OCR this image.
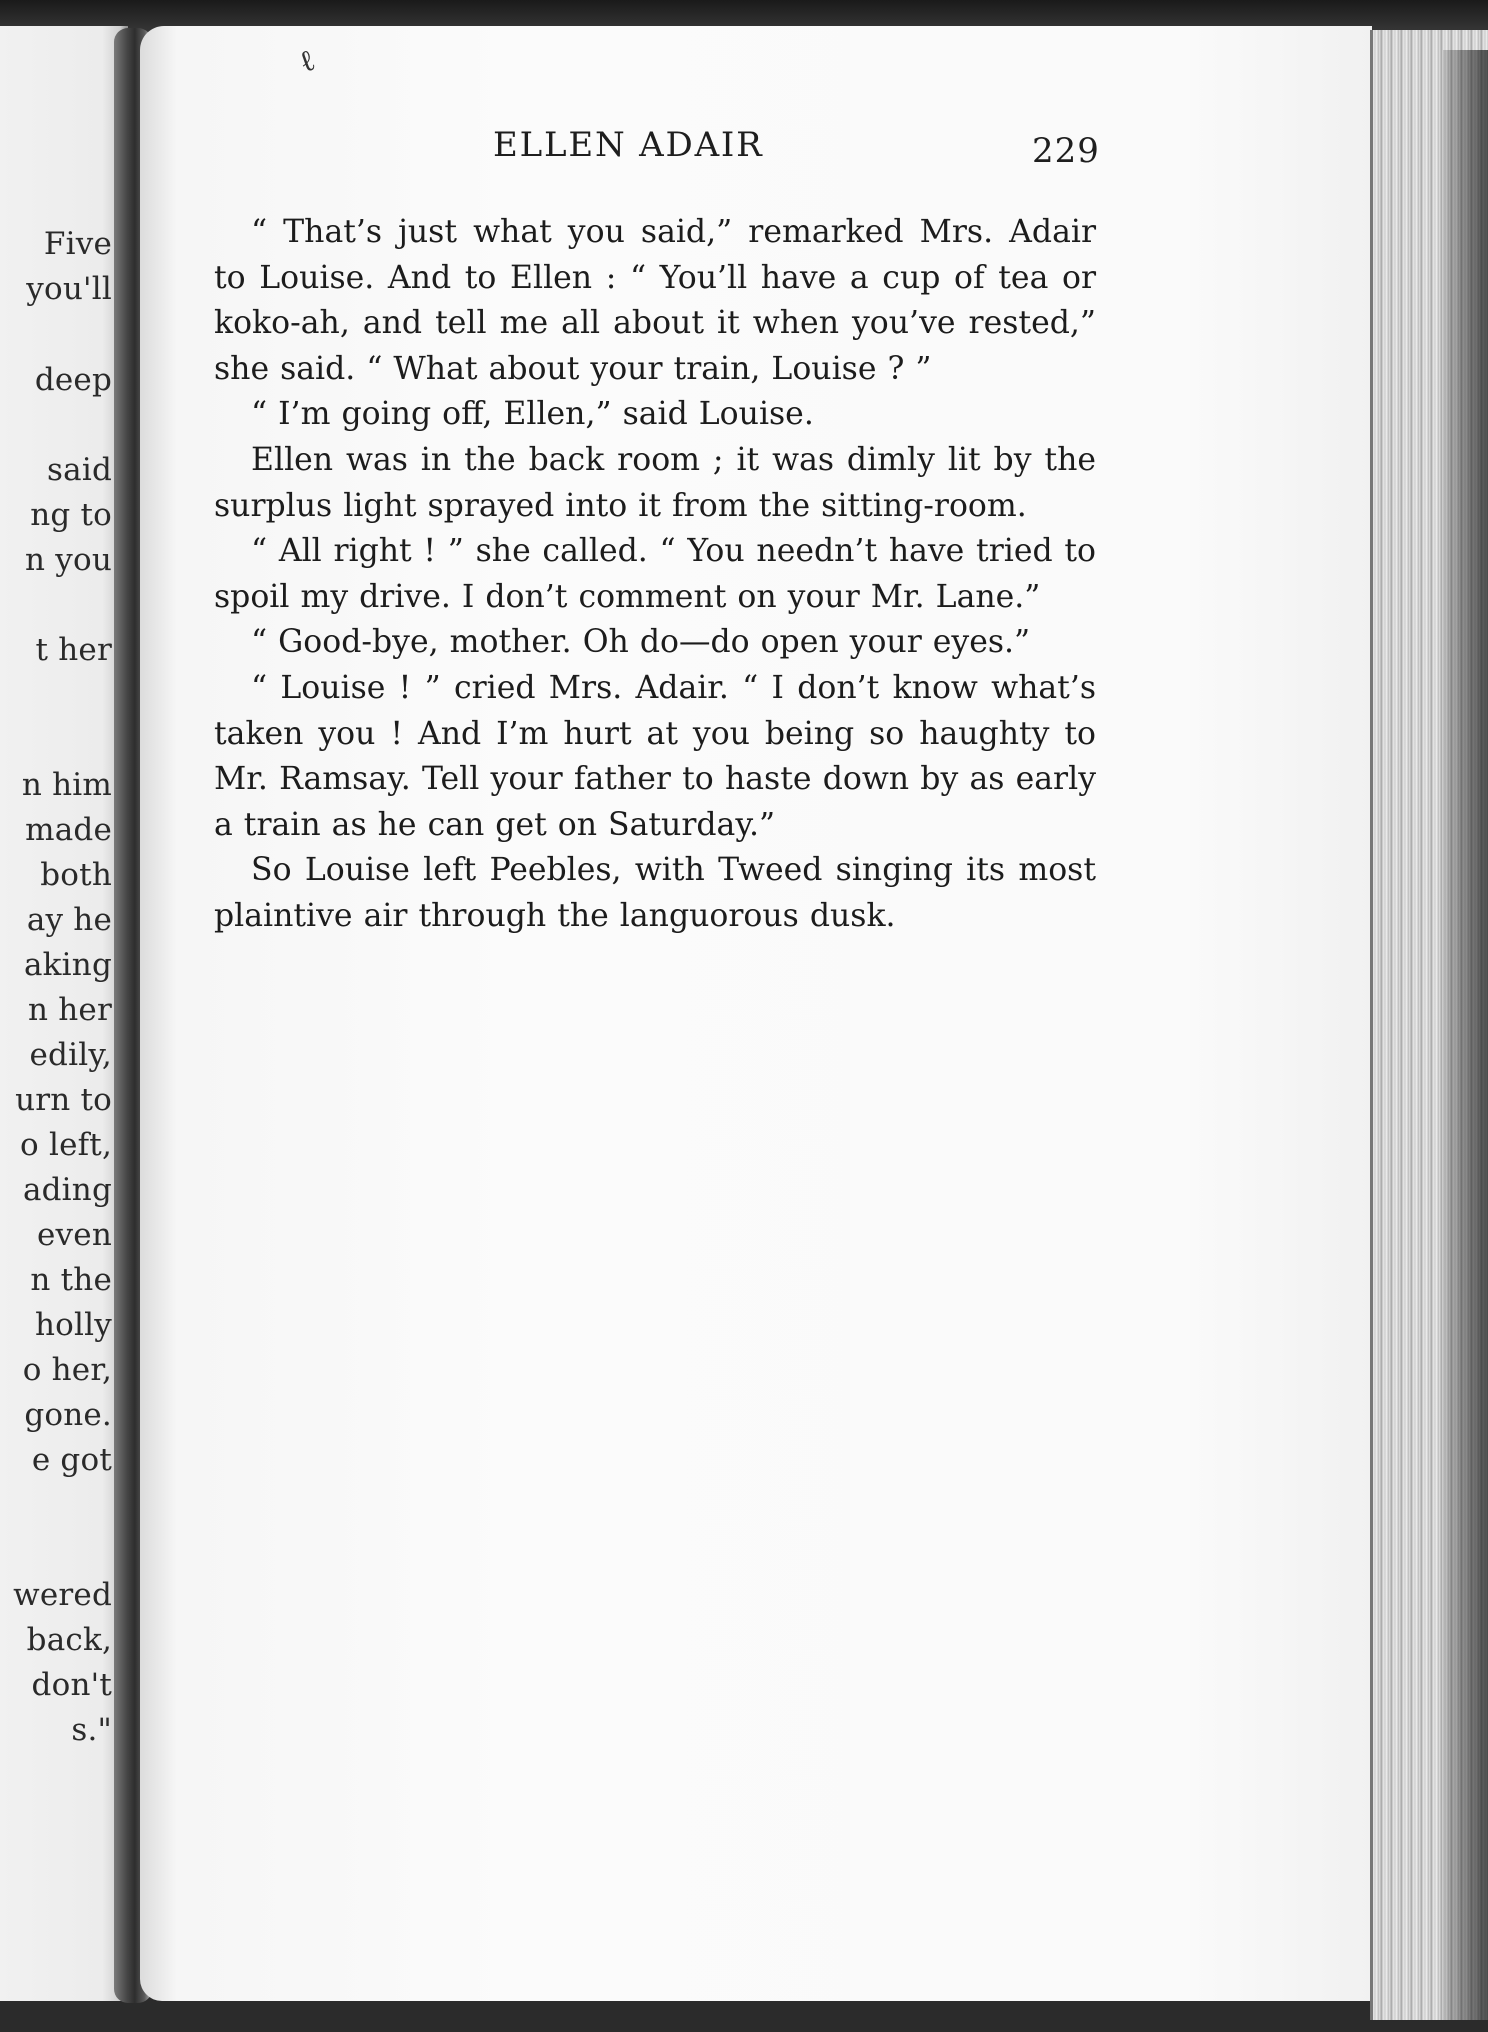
Five
you'll
deep
said
ng to
n you
t her
n him
made
both
ay he
aking
n her
edily,
urn to
o left,
ading
even
n the
holly
o her,
gone.
e got
wered
back,
don't
s."
ℓ
ELLEN ADAIR	229

“ That’s just what you said,” remarked Mrs. Adair to Louise. And to Ellen : “ You’ll have a cup of tea or koko-ah, and tell me all about it when you’ve rested,” she said. “ What about your train, Louise ? ”

“ I’m going off, Ellen,” said Louise.

Ellen was in the back room ; it was dimly lit by the surplus light sprayed into it from the sitting-room.

“ All right ! ” she called. “ You needn’t have tried to spoil my drive. I don’t comment on your Mr. Lane.”

“ Good-bye, mother. Oh do—do open your eyes.”

“ Louise ! ” cried Mrs. Adair. “ I don’t know what’s taken you ! And I’m hurt at you being so haughty to Mr. Ramsay. Tell your father to haste down by as early a train as he can get on Saturday.”

So Louise left Peebles, with Tweed singing its most plaintive air through the languorous dusk.
